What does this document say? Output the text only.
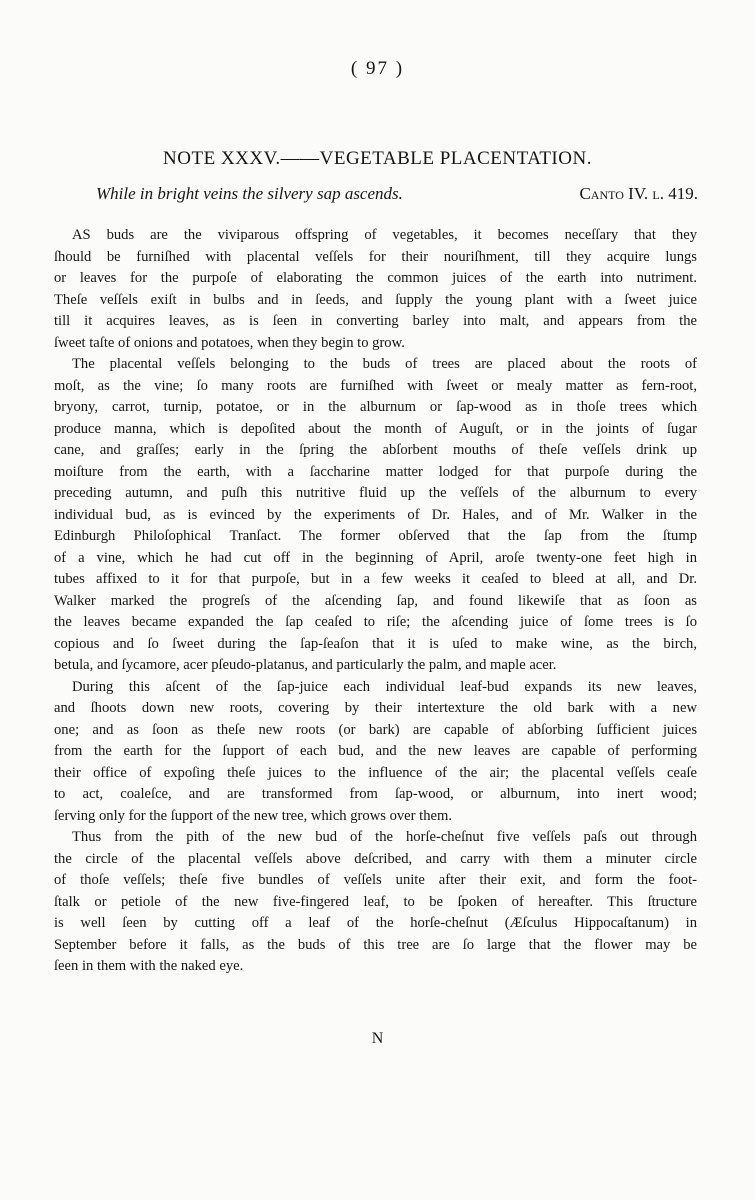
( 97 )
NOTE XXXV.——VEGETABLE PLACENTATION.
While in bright veins the silvery sap ascends.	Canto IV. l. 419.
AS buds are the viviparous offspring of vegetables, it becomes neceſſary that they
ſhould be furniſhed with placental veſſels for their nouriſhment, till they acquire lungs
or leaves for the purpoſe of elaborating the common juices of the earth into nutriment.
Theſe veſſels exiſt in bulbs and in ſeeds, and ſupply the young plant with a ſweet juice
till it acquires leaves, as is ſeen in converting barley into malt, and appears from the
ſweet taſte of onions and potatoes, when they begin to grow.
The placental veſſels belonging to the buds of trees are placed about the roots of
moſt, as the vine; ſo many roots are furniſhed with ſweet or mealy matter as fern-root,
bryony, carrot, turnip, potatoe, or in the alburnum or ſap-wood as in thoſe trees which
produce manna, which is depoſited about the month of Auguſt, or in the joints of ſugar
cane, and graſſes; early in the ſpring the abſorbent mouths of theſe veſſels drink up
moiſture from the earth, with a ſaccharine matter lodged for that purpoſe during the
preceding autumn, and puſh this nutritive fluid up the veſſels of the alburnum to every
individual bud, as is evinced by the experiments of Dr. Hales, and of Mr. Walker in the
Edinburgh Philoſophical Tranſact. The former obſerved that the ſap from the ſtump
of a vine, which he had cut off in the beginning of April, aroſe twenty-one feet high in
tubes affixed to it for that purpoſe, but in a few weeks it ceaſed to bleed at all, and Dr.
Walker marked the progreſs of the aſcending ſap, and found likewiſe that as ſoon as
the leaves became expanded the ſap ceaſed to riſe; the aſcending juice of ſome trees is ſo
copious and ſo ſweet during the ſap-ſeaſon that it is uſed to make wine, as the birch,
betula, and ſycamore, acer pſeudo-platanus, and particularly the palm, and maple acer.
During this aſcent of the ſap-juice each individual leaf-bud expands its new leaves,
and ſhoots down new roots, covering by their intertexture the old bark with a new
one; and as ſoon as theſe new roots (or bark) are capable of abſorbing ſufficient juices
from the earth for the ſupport of each bud, and the new leaves are capable of performing
their office of expoſing theſe juices to the influence of the air; the placental veſſels ceaſe
to act, coaleſce, and are transformed from ſap-wood, or alburnum, into inert wood;
ſerving only for the ſupport of the new tree, which grows over them.
Thus from the pith of the new bud of the horſe-cheſnut five veſſels paſs out through
the circle of the placental veſſels above deſcribed, and carry with them a minuter circle
of thoſe veſſels; theſe five bundles of veſſels unite after their exit, and form the foot-
ſtalk or petiole of the new five-fingered leaf, to be ſpoken of hereafter. This ſtructure
is well ſeen by cutting off a leaf of the horſe-cheſnut (Æſculus Hippocaſtanum) in
September before it falls, as the buds of this tree are ſo large that the flower may be
ſeen in them with the naked eye.
N
